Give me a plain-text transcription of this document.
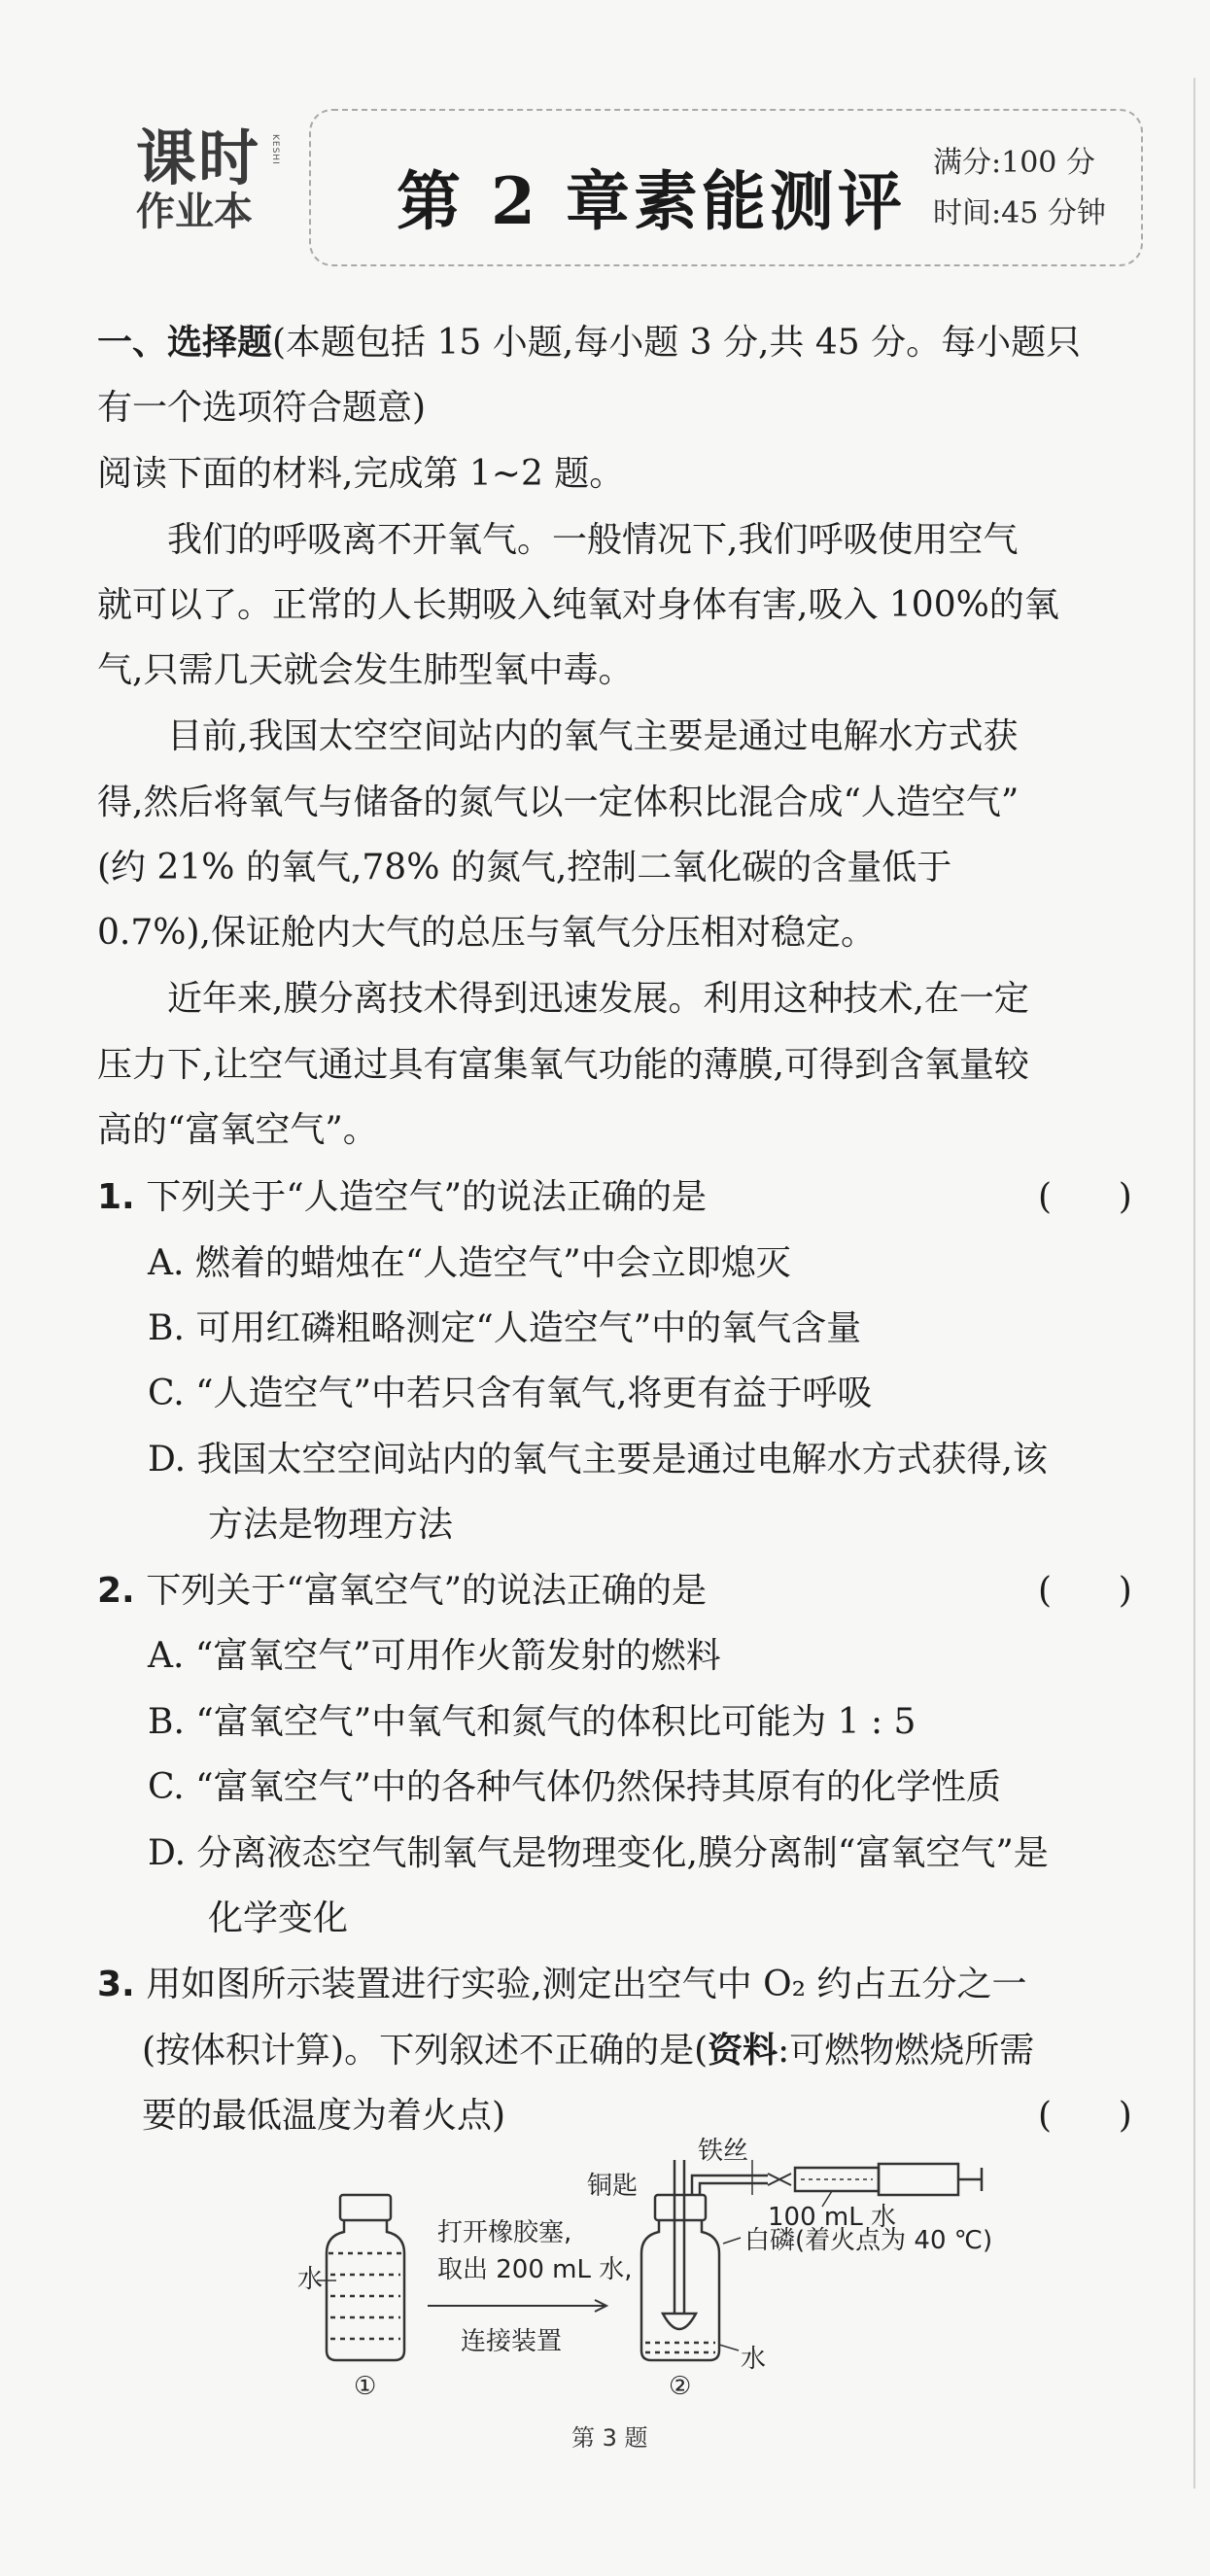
课时
作业本
KESHI
第 2 章素能测评
满分:100 分
时间:45 分钟
一、选择题(本题包括 15 小题,每小题 3 分,共 45 分。每小题只
有一个选项符合题意)
阅读下面的材料,完成第 1~2 题。
我们的呼吸离不开氧气。一般情况下,我们呼吸使用空气
就可以了。正常的人长期吸入纯氧对身体有害,吸入 100%的氧
气,只需几天就会发生肺型氧中毒。
目前,我国太空空间站内的氧气主要是通过电解水方式获
得,然后将氧气与储备的氮气以一定体积比混合成“人造空气”
(约 21% 的氧气,78% 的氮气,控制二氧化碳的含量低于
0.7%),保证舱内大气的总压与氧气分压相对稳定。
近年来,膜分离技术得到迅速发展。利用这种技术,在一定
压力下,让空气通过具有富集氧气功能的薄膜,可得到含氧量较
高的“富氧空气”。
1. 下列关于“人造空气”的说法正确的是	(      )
A. 燃着的蜡烛在“人造空气”中会立即熄灭
B. 可用红磷粗略测定“人造空气”中的氧气含量
C. “人造空气”中若只含有氧气,将更有益于呼吸
D. 我国太空空间站内的氧气主要是通过电解水方式获得,该
方法是物理方法
2. 下列关于“富氧空气”的说法正确的是	(      )
A. “富氧空气”可用作火箭发射的燃料
B. “富氧空气”中氧气和氮气的体积比可能为 1 : 5
C. “富氧空气”中的各种气体仍然保持其原有的化学性质
D. 分离液态空气制氧气是物理变化,膜分离制“富氧空气”是
化学变化
3. 用如图所示装置进行实验,测定出空气中 O₂ 约占五分之一
(按体积计算)。下列叙述不正确的是(资料:可燃物燃烧所需
要的最低温度为着火点)	(      )
水
打开橡胶塞,
取出 200 mL 水,
连接装置
铜匙
铁丝
100 mL 水
白磷(着火点为 40 ℃)
水
①	②
第 3 题
